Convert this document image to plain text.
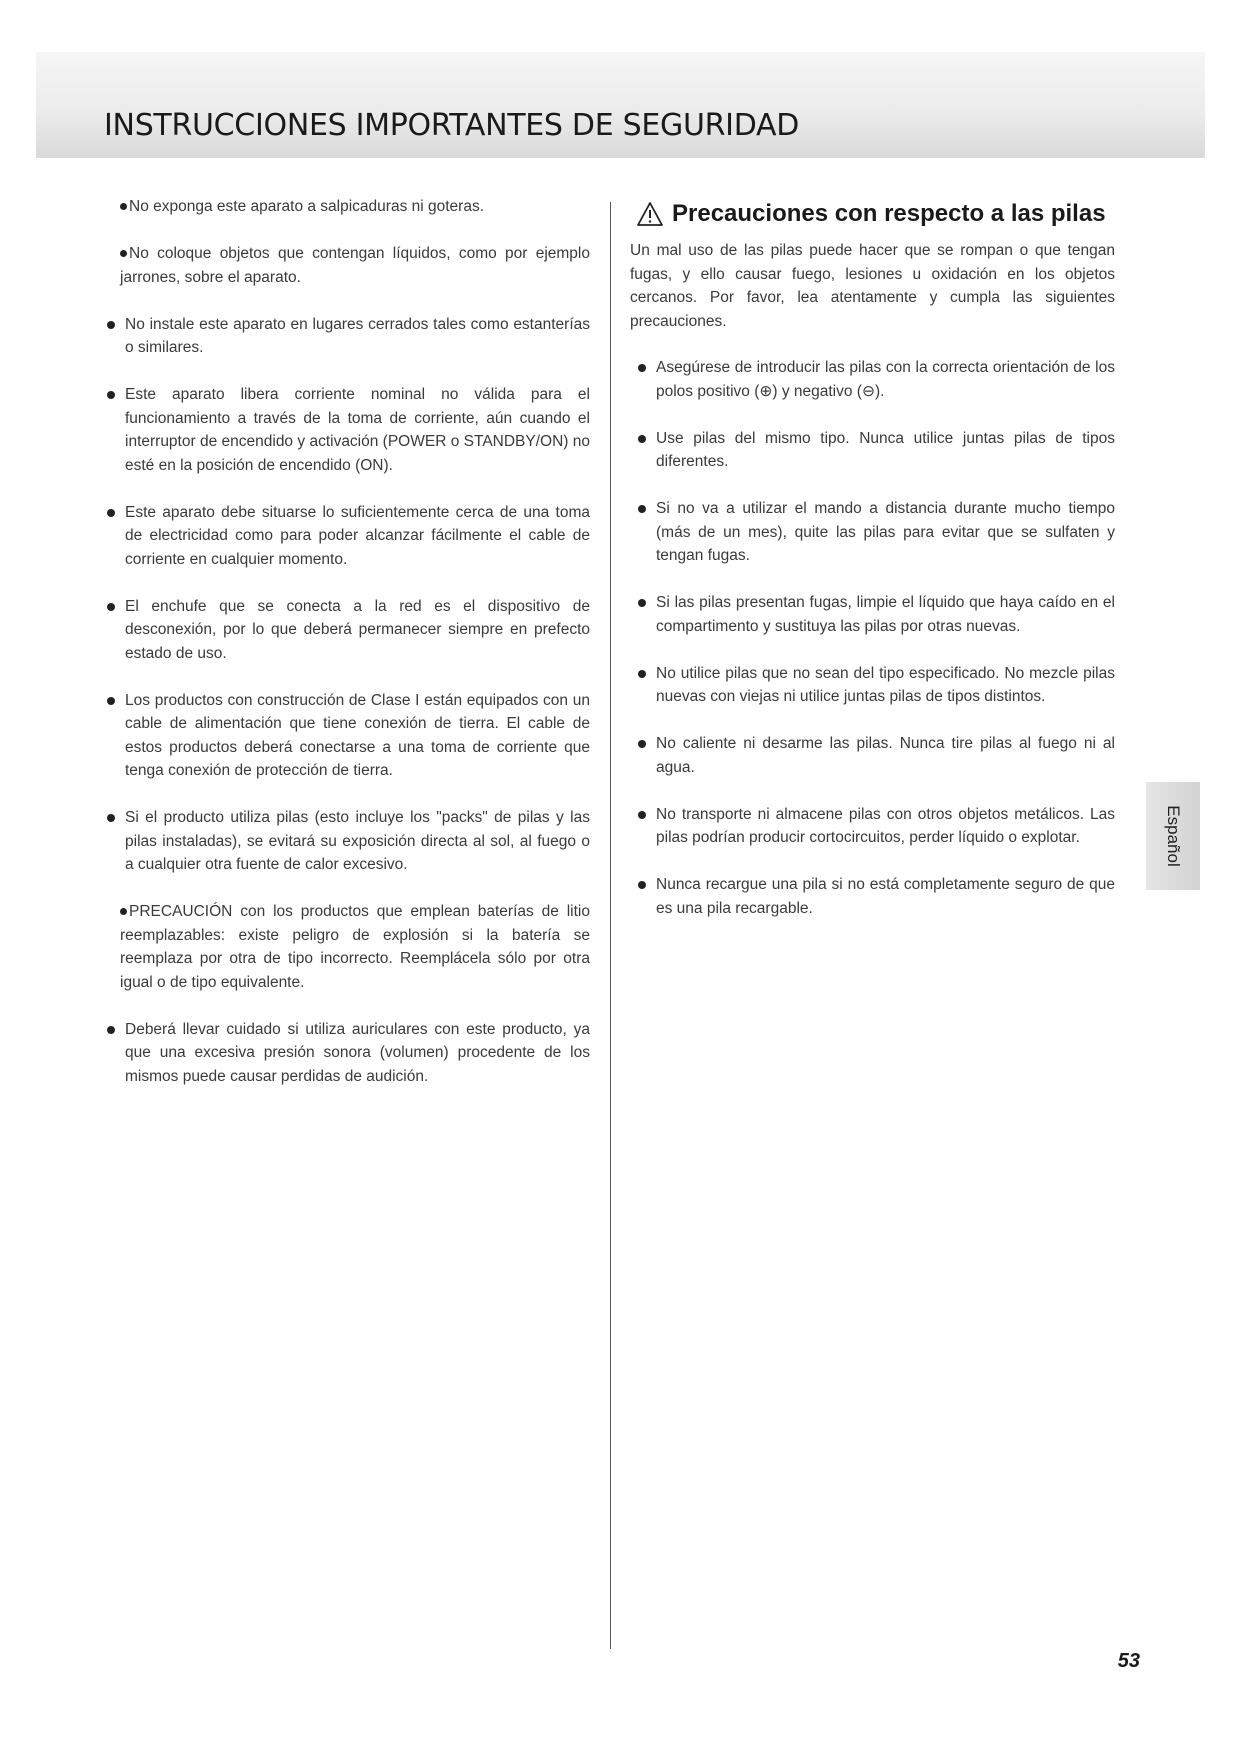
INSTRUCCIONES IMPORTANTES DE SEGURIDAD
No exponga este aparato a salpicaduras ni goteras.
No coloque objetos que contengan líquidos, como por ejemplo jarrones, sobre el aparato.
No instale este aparato en lugares cerrados tales como estanterías o similares.
Este aparato libera corriente nominal no válida para el funcionamiento a través de la toma de corriente, aún cuando el interruptor de encendido y activación (POWER o STANDBY/ON) no esté en la posición de encendido (ON).
Este aparato debe situarse lo suficientemente cerca de una toma de electricidad como para poder alcanzar fácilmente el cable de corriente en cualquier momento.
El enchufe que se conecta a la red es el dispositivo de desconexión, por lo que deberá permanecer siempre en prefecto estado de uso.
Los productos con construcción de Clase I están equipados con un cable de alimentación que tiene conexión de tierra. El cable de estos productos deberá conectarse a una toma de corriente que tenga conexión de protección de tierra.
Si el producto utiliza pilas (esto incluye los "packs" de pilas y las pilas instaladas), se evitará su exposición directa al sol, al fuego o a cualquier otra fuente de calor excesivo.
PRECAUCIÓN con los productos que emplean baterías de litio reemplazables: existe peligro de explosión si la batería se reemplaza por otra de tipo incorrecto. Reemplácela sólo por otra igual o de tipo equivalente.
Deberá llevar cuidado si utiliza auriculares con este producto, ya que una excesiva presión sonora (volumen) procedente de los mismos puede causar perdidas de audición.
Precauciones con respecto a las pilas

Un mal uso de las pilas puede hacer que se rompan o que tengan fugas, y ello causar fuego, lesiones u oxidación en los objetos cercanos. Por favor, lea atentamente y cumpla las siguientes precauciones.

Asegúrese de introducir las pilas con la correcta orientación de los polos positivo (⊕) y negativo (⊖).
Use pilas del mismo tipo. Nunca utilice juntas pilas de tipos diferentes.
Si no va a utilizar el mando a distancia durante mucho tiempo (más de un mes), quite las pilas para evitar que se sulfaten y tengan fugas.
Si las pilas presentan fugas, limpie el líquido que haya caído en el compartimento y sustituya las pilas por otras nuevas.
No utilice pilas que no sean del tipo especificado. No mezcle pilas nuevas con viejas ni utilice juntas pilas de tipos distintos.
No caliente ni desarme las pilas. Nunca tire pilas al fuego ni al agua.
No transporte ni almacene pilas con otros objetos metálicos. Las pilas podrían producir cortocircuitos, perder líquido o explotar.
Nunca recargue una pila si no está completamente seguro de que es una pila recargable.
Español
53
